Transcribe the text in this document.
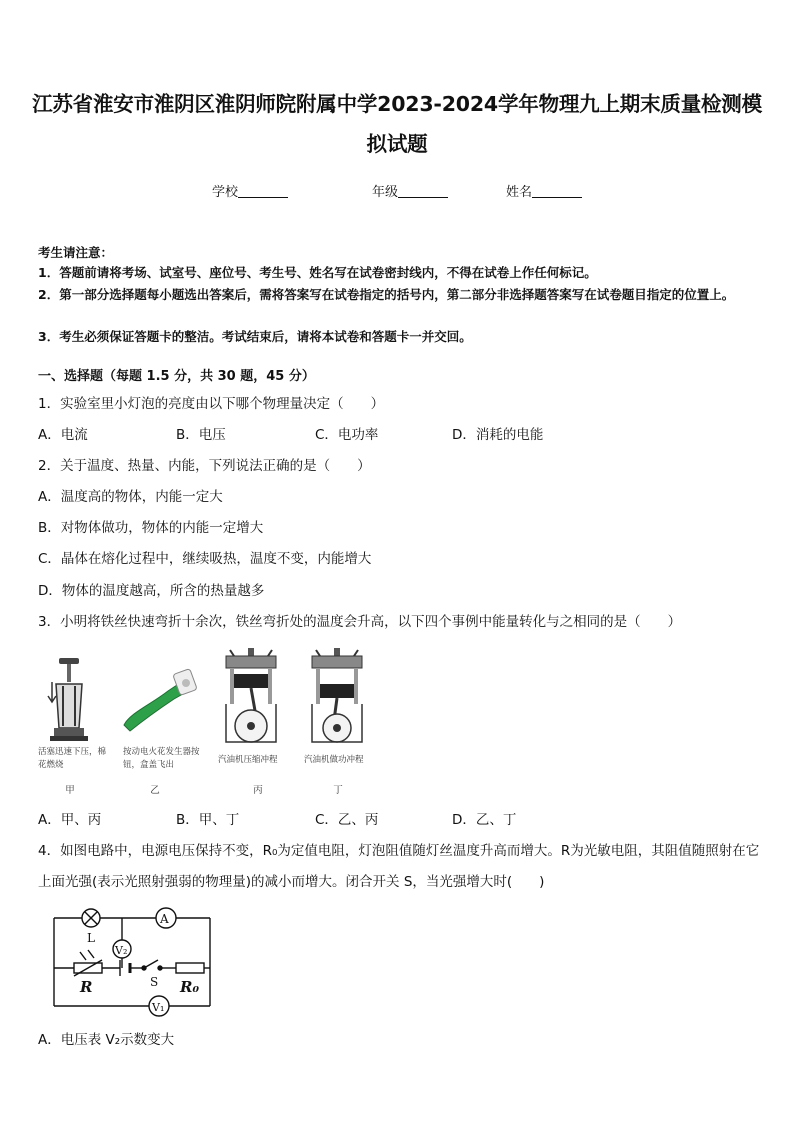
江苏省淮安市淮阴区淮阴师院附属中学2023-2024学年物理九上期末质量检测模拟试题
学校	年级	姓名
考生请注意：
1．答题前请将考场、试室号、座位号、考生号、姓名写在试卷密封线内，不得在试卷上作任何标记。
2．第一部分选择题每小题选出答案后，需将答案写在试卷指定的括号内，第二部分非选择题答案写在试卷题目指定的位置上。
3．考生必须保证答题卡的整洁。考试结束后，请将本试卷和答题卡一并交回。
一、选择题（每题 1.5 分，共 30 题，45 分）
1．实验室里小灯泡的亮度由以下哪个物理量决定（　　）
A．电流	B．电压	C．电功率	D．消耗的电能
2．关于温度、热量、内能，下列说法正确的是（　　）
A．温度高的物体，内能一定大
B．对物体做功，物体的内能一定增大
C．晶体在熔化过程中，继续吸热，温度不变，内能增大
D．物体的温度越高，所含的热量越多
3．小明将铁丝快速弯折十余次，铁丝弯折处的温度会升高，以下四个事例中能量转化与之相同的是（　　）
活塞迅速下压，棉花燃烧
甲
按动电火花发生器按钮，盒盖飞出
乙
汽油机压缩冲程
丙
汽油机做功冲程
丁
A．甲、丙	B．甲、丁	C．乙、丙	D．乙、丁
4．如图电路中，电源电压保持不变，R₀为定值电阻，灯泡阻值随灯丝温度升高而增大。R为光敏电阻，其阻值随照射在它上面光强(表示光照射强弱的物理量)的减小而增大。闭合开关 S，当光强增大时(　　)
L
A
V₂
V₁
R	R₀
S
A．电压表 V₂示数变大
